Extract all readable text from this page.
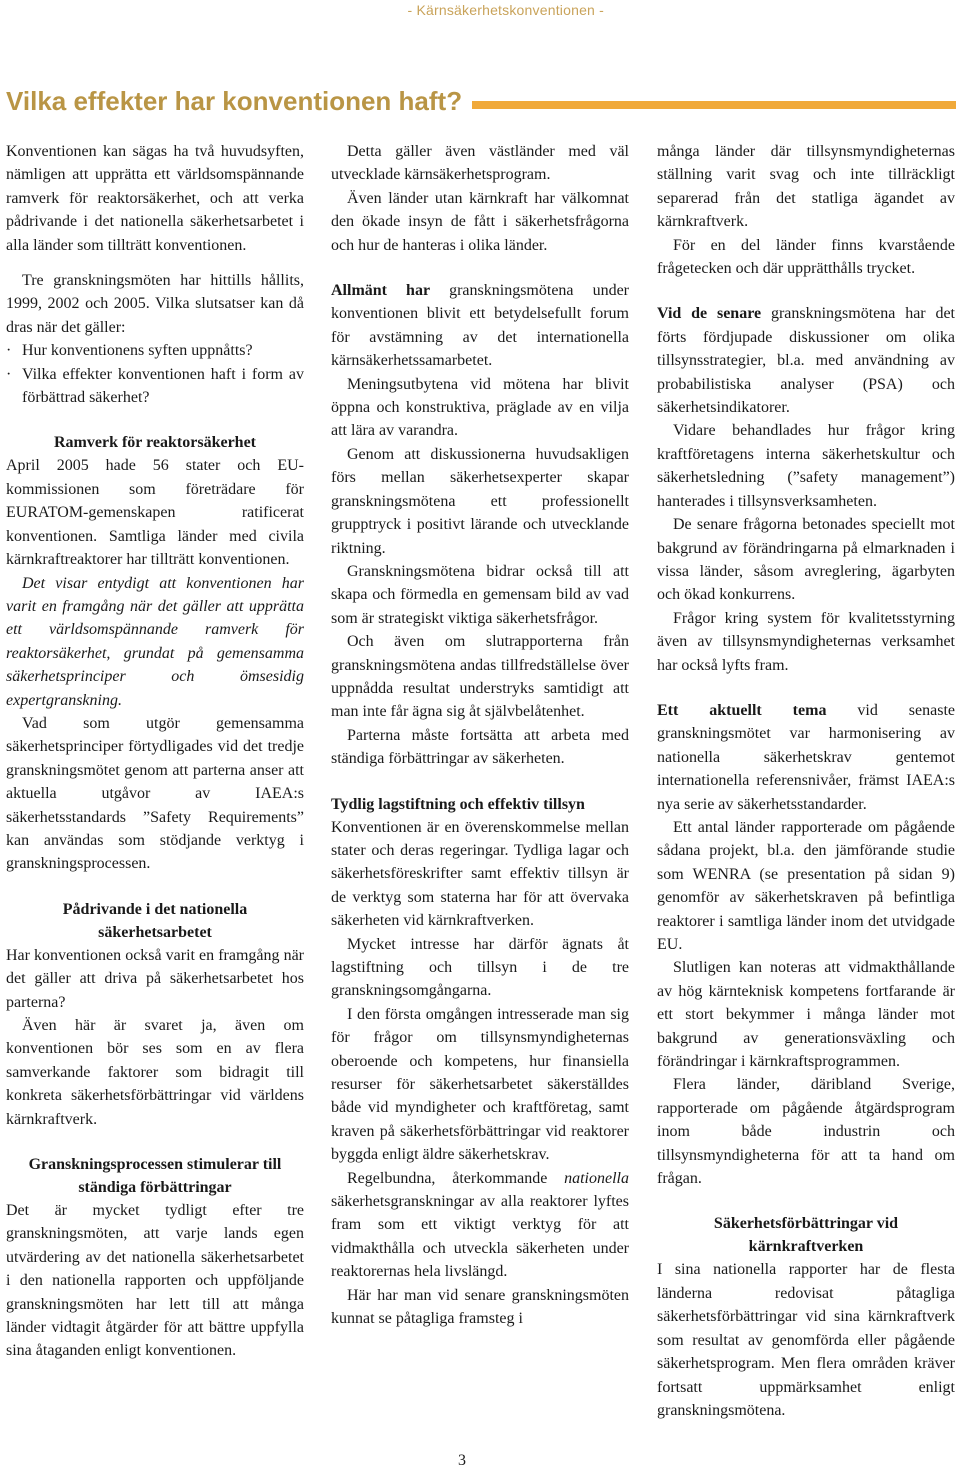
- Kärnsäkerhetskonventionen -
Vilka effekter har konventionen haft?

Konventionen kan sägas ha två huvudsyften, nämligen att upprätta ett världsomspännande ramverk för reaktorsäkerhet, och att verka pådrivande i det nationella säkerhetsarbetet i alla länder som tillträtt konventionen.

Tre granskningsmöten har hittills hållits, 1999, 2002 och 2005. Vilka slutsatser kan då dras när det gäller:

· Hur konventionens syften uppnåtts?
· Vilka effekter konventionen haft i form av förbättrad säkerhet?
Ramverk för reaktorsäkerhet

April 2005 hade 56 stater och EU-kommissionen som företrädare för EURATOM-gemenskapen ratificerat konventionen. Samtliga länder med civila kärnkraftreaktorer har tillträtt konventionen.

Det visar entydigt att konventionen har varit en framgång när det gäller att upprätta ett världsomspännande ramverk för reaktorsäkerhet, grundat på gemensamma säkerhetsprinciper och ömsesidig expertgranskning.

Vad som utgör gemensamma säkerhetsprinciper förtydligades vid det tredje granskningsmötet genom att parterna anser att aktuella utgåvor av IAEA:s säkerhetsstandards ”Safety Requirements” kan användas som stödjande verktyg i granskningsprocessen.

Pådrivande i det nationella säkerhetsarbetet

Har konventionen också varit en framgång när det gäller att driva på säkerhetsarbetet hos parterna?

Även här är svaret ja, även om konventionen bör ses som en av flera samverkande faktorer som bidragit till konkreta säkerhetsförbättringar vid världens kärnkraftverk.

Granskningsprocessen stimulerar till ständiga förbättringar

Det är mycket tydligt efter tre granskningsmöten, att varje lands egen utvärdering av det nationella säkerhetsarbetet i den nationella rapporten och uppföljande granskningsmöten har lett till att många länder vidtagit åtgärder för att bättre uppfylla sina åtaganden enligt konventionen.

Detta gäller även västländer med väl utvecklade kärnsäkerhetsprogram.

Även länder utan kärnkraft har välkomnat den ökade insyn de fått i säkerhetsfrågorna och hur de hanteras i olika länder.

Allmänt har granskningsmötena under konventionen blivit ett betydelsefullt forum för avstämning av det internationella kärnsäkerhetssamarbetet.

Meningsutbytena vid mötena har blivit öppna och konstruktiva, präglade av en vilja att lära av varandra.

Genom att diskussionerna huvudsakligen förs mellan säkerhetsexperter skapar granskningsmötena ett professionellt grupptryck i positivt lärande och utvecklande riktning.

Granskningsmötena bidrar också till att skapa och förmedla en gemensam bild av vad som är strategiskt viktiga säkerhetsfrågor.

Och även om slutrapporterna från granskningsmötena andas tillfredställelse över uppnådda resultat understryks samtidigt att man inte får ägna sig åt självbelåtenhet.

Parterna måste fortsätta att arbeta med ständiga förbättringar av säkerheten.

Tydlig lagstiftning och effektiv tillsyn

Konventionen är en överenskommelse mellan stater och deras regeringar. Tydliga lagar och säkerhetsföreskrifter samt effektiv tillsyn är de verktyg som staterna har för att övervaka säkerheten vid kärnkraftverken.

Mycket intresse har därför ägnats åt lagstiftning och tillsyn i de tre granskningsomgångarna.

I den första omgången intresserade man sig för frågor om tillsynsmyndigheternas oberoende och kompetens, hur finansiella resurser för säkerhetsarbetet säkerställdes både vid myndigheter och kraftföretag, samt kraven på säkerhetsförbättringar vid reaktorer byggda enligt äldre säkerhetskrav.

Regelbundna, återkommande nationella säkerhetsgranskningar av alla reaktorer lyftes fram som ett viktigt verktyg för att vidmakthålla och utveckla säkerheten under reaktorernas hela livslängd.

Här har man vid senare granskningsmöten kunnat se påtagliga framsteg i

många länder där tillsynsmyndigheternas ställning varit svag och inte tillräckligt separerad från det statliga ägandet av kärnkraftverk.

För en del länder finns kvarstående frågetecken och där upprätthålls trycket.

Vid de senare granskningsmötena har det förts fördjupade diskussioner om olika tillsynsstrategier, bl.a. med användning av probabilistiska analyser (PSA) och säkerhetsindikatorer.

Vidare behandlades hur frågor kring kraftföretagens interna säkerhetskultur och säkerhetsledning (”safety management”) hanterades i tillsynsverksamheten.

De senare frågorna betonades speciellt mot bakgrund av förändringarna på elmarknaden i vissa länder, såsom avreglering, ägarbyten och ökad konkurrens.

Frågor kring system för kvalitetsstyrning även av tillsynsmyndigheternas verksamhet har också lyfts fram.

Ett aktuellt tema vid senaste granskningsmötet var harmonisering av nationella säkerhetskrav gentemot internationella referensnivåer, främst IAEA:s nya serie av säkerhetsstandarder.

Ett antal länder rapporterade om pågående sådana projekt, bl.a. den jämförande studie som WENRA (se presentation på sidan 9) genomför av säkerhetskraven på befintliga reaktorer i samtliga länder inom det utvidgade EU.

Slutligen kan noteras att vidmakthållande av hög kärnteknisk kompetens fortfarande är ett stort bekymmer i många länder mot bakgrund av generationsväxling och förändringar i kärnkraftsprogrammen.

Flera länder, däribland Sverige, rapporterade om pågående åtgärdsprogram inom både industrin och tillsynsmyndigheterna för att ta hand om frågan.

Säkerhetsförbättringar vid kärnkraftverken

I sina nationella rapporter har de flesta länderna redovisat påtagliga säkerhetsförbättringar vid sina kärnkraftverk som resultat av genomförda eller pågående säkerhetsprogram. Men flera områden kräver fortsatt uppmärksamhet enligt granskningsmötena.

3
